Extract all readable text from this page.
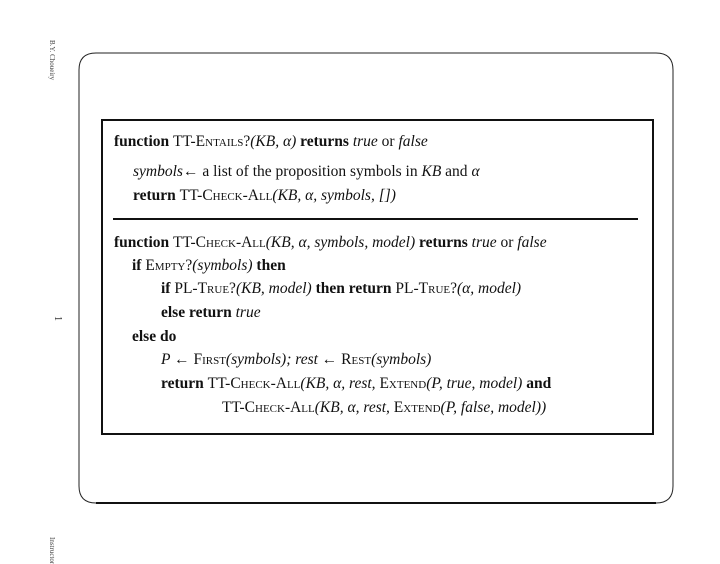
B.Y. Choueiry
1
Instructor
function TT-Entails?(KB, α) returns true or false
symbols← a list of the proposition symbols in KB and α
return TT-Check-All(KB, α, symbols, [])
function TT-Check-All(KB, α, symbols, model) returns true or false
if Empty?(symbols) then
if PL-True?(KB, model) then return PL-True?(α, model)
else return true
else do
P ← First(symbols); rest ← Rest(symbols)
return TT-Check-All(KB, α, rest, Extend(P, true, model) and
TT-Check-All(KB, α, rest, Extend(P, false, model))
